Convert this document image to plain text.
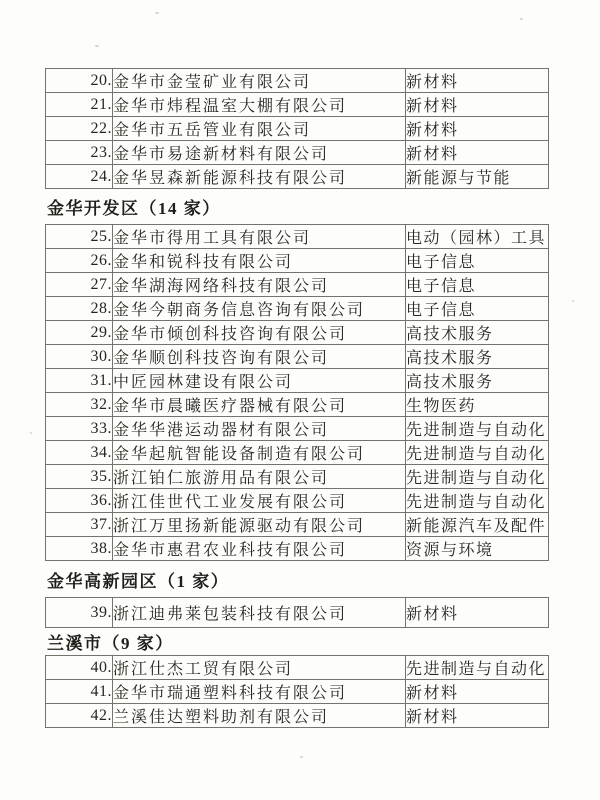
20.	金华市金莹矿业有限公司	新材料
21.	金华市炜程温室大棚有限公司	新材料
22.	金华市五岳管业有限公司	新材料
23.	金华市易途新材料有限公司	新材料
24.	金华昱森新能源科技有限公司	新能源与节能
金华开发区（14 家）
25.	金华市得用工具有限公司	电动（园林）工具
26.	金华和锐科技有限公司	电子信息
27.	金华湖海网络科技有限公司	电子信息
28.	金华今朝商务信息咨询有限公司	电子信息
29.	金华市倾创科技咨询有限公司	高技术服务
30.	金华顺创科技咨询有限公司	高技术服务
31.	中匠园林建设有限公司	高技术服务
32.	金华市晨曦医疗器械有限公司	生物医药
33.	金华华港运动器材有限公司	先进制造与自动化
34.	金华起航智能设备制造有限公司	先进制造与自动化
35.	浙江铂仁旅游用品有限公司	先进制造与自动化
36.	浙江佳世代工业发展有限公司	先进制造与自动化
37.	浙江万里扬新能源驱动有限公司	新能源汽车及配件
38.	金华市惠君农业科技有限公司	资源与环境
金华高新园区（1 家）
39.	浙江迪弗莱包装科技有限公司	新材料
兰溪市（9 家）
40.	浙江仕杰工贸有限公司	先进制造与自动化
41.	金华市瑞通塑料科技有限公司	新材料
42.	兰溪佳达塑料助剂有限公司	新材料
